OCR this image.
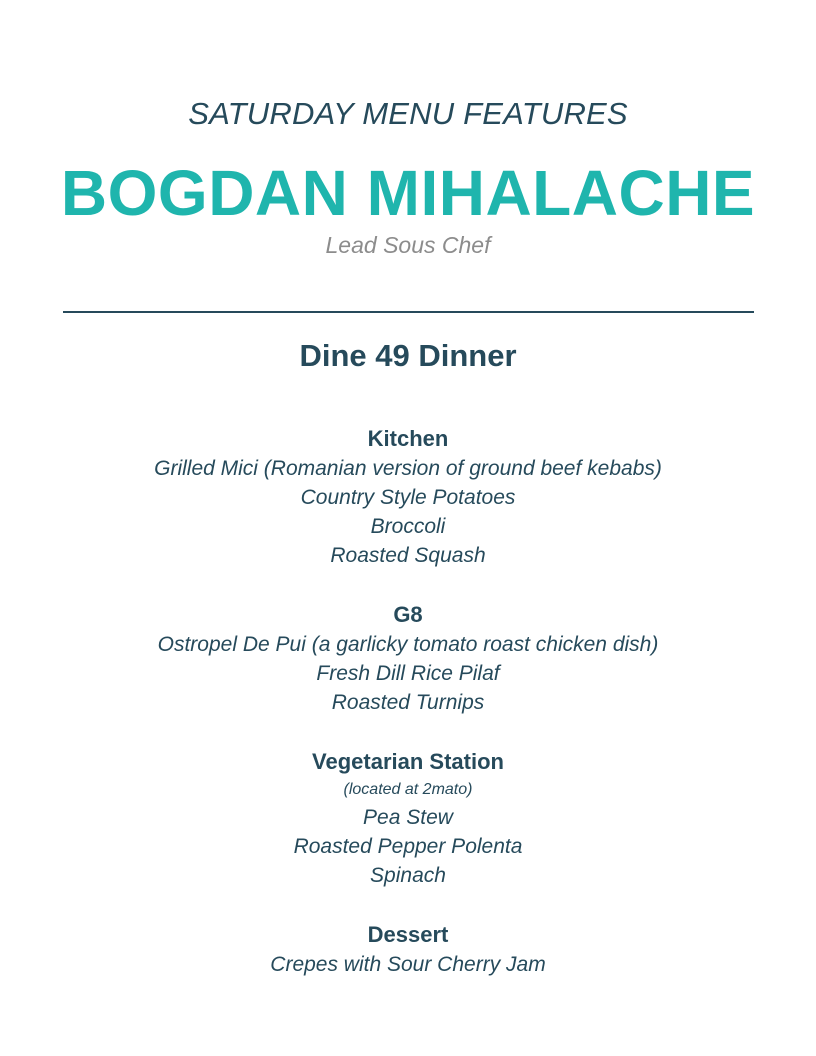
SATURDAY MENU FEATURES

BOGDAN MIHALACHE

Lead Sous Chef

Dine 49 Dinner

Kitchen
Grilled Mici (Romanian version of ground beef kebabs)
Country Style Potatoes
Broccoli
Roasted Squash
G8
Ostropel De Pui (a garlicky tomato roast chicken dish)
Fresh Dill Rice Pilaf
Roasted Turnips
Vegetarian Station
(located at 2mato)
Pea Stew
Roasted Pepper Polenta
Spinach
Dessert
Crepes with Sour Cherry Jam
